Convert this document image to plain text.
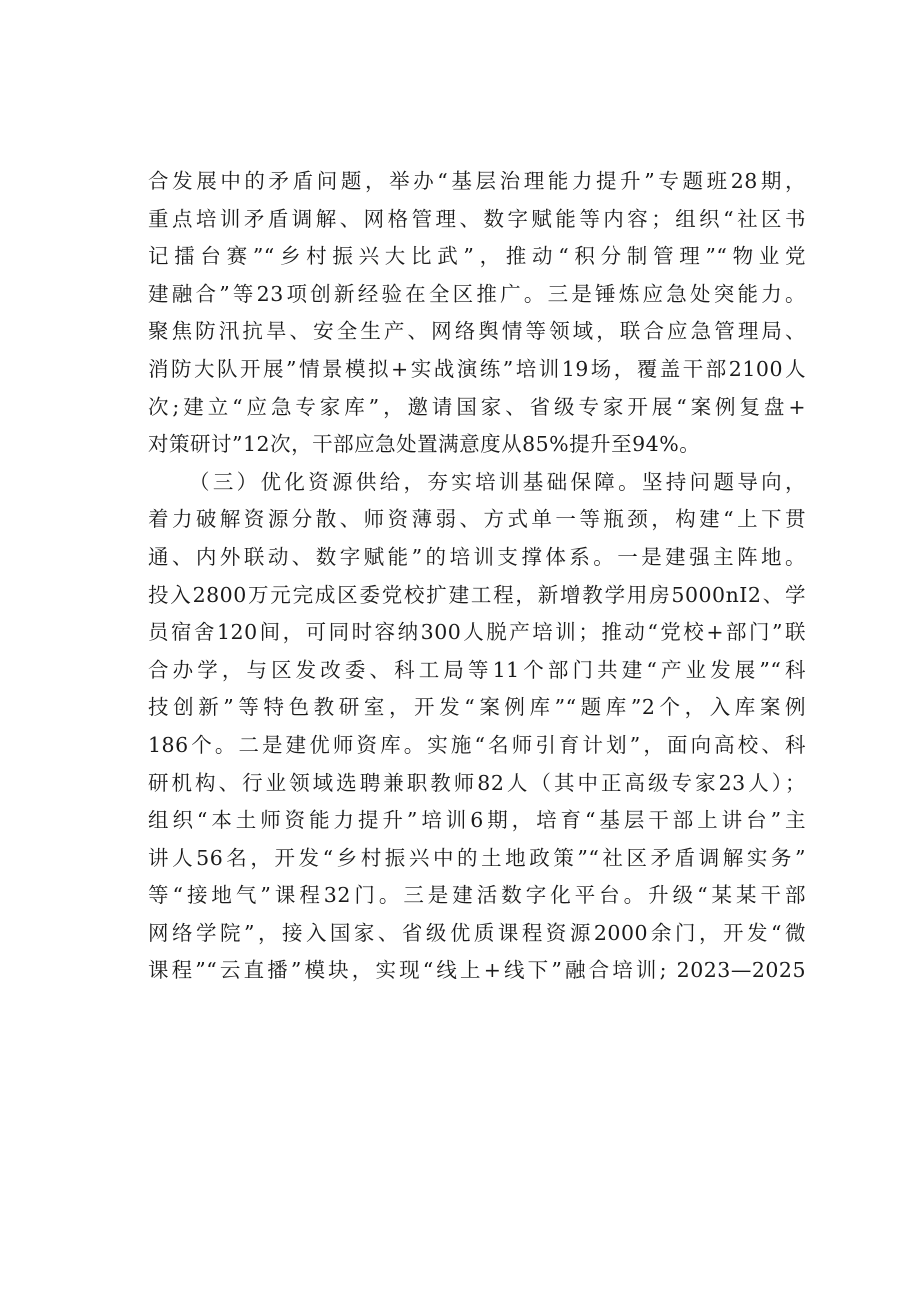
合发展中的矛盾问题，举办“基层治理能力提升”专题班28期，
重点培训矛盾调解、网格管理、数字赋能等内容；组织“社区书
记擂台赛”“乡村振兴大比武”，推动“积分制管理”“物业党
建融合”等23项创新经验在全区推广。三是锤炼应急处突能力。
聚焦防汛抗旱、安全生产、网络舆情等领域，联合应急管理局、
消防大队开展”情景模拟+实战演练”培训19场，覆盖干部2100人
次;建立“应急专家库”，邀请国家、省级专家开展“案例复盘+
对策研讨”12次，干部应急处置满意度从85%提升至94%。
（三）优化资源供给，夯实培训基础保障。坚持问题导向，
着力破解资源分散、师资薄弱、方式单一等瓶颈，构建“上下贯
通、内外联动、数字赋能”的培训支撑体系。一是建强主阵地。
投入2800万元完成区委党校扩建工程，新增教学用房5000nI2、学
员宿舍120间，可同时容纳300人脱产培训；推动“党校+部门”联
合办学，与区发改委、科工局等11个部门共建“产业发展”“科
技创新”等特色教研室，开发“案例库”“题库”2个，入库案例
186个。二是建优师资库。实施“名师引育计划”，面向高校、科
研机构、行业领域选聘兼职教师82人（其中正高级专家23人）；
组织“本土师资能力提升”培训6期，培育“基层干部上讲台”主
讲人56名，开发“乡村振兴中的土地政策”“社区矛盾调解实务”
等“接地气”课程32门。三是建活数字化平台。升级“某某干部
网络学院”，接入国家、省级优质课程资源2000余门，开发“微
课程”“云直播”模块，实现“线上+线下”融合培训; 2023—2025
